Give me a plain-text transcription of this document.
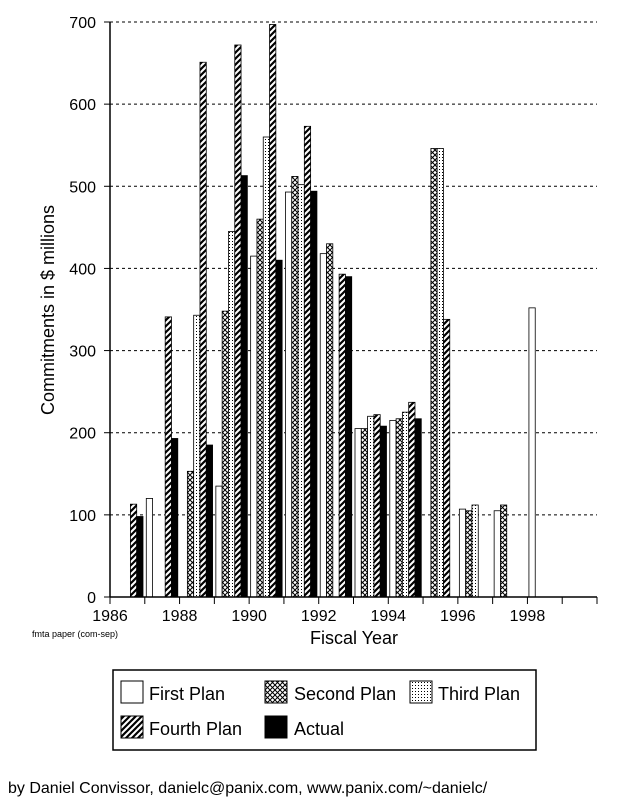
0
100
200
300
400
500
600
700
1986 1988 1990 1992 1994 1996 1998
Commitments in $ millions
Fiscal Year
fmta paper (com-sep)
First Plan	Second Plan Third Plan
Fourth Plan	Actual
by Daniel Convissor, danielc@panix.com, www.panix.com/~danielc/
